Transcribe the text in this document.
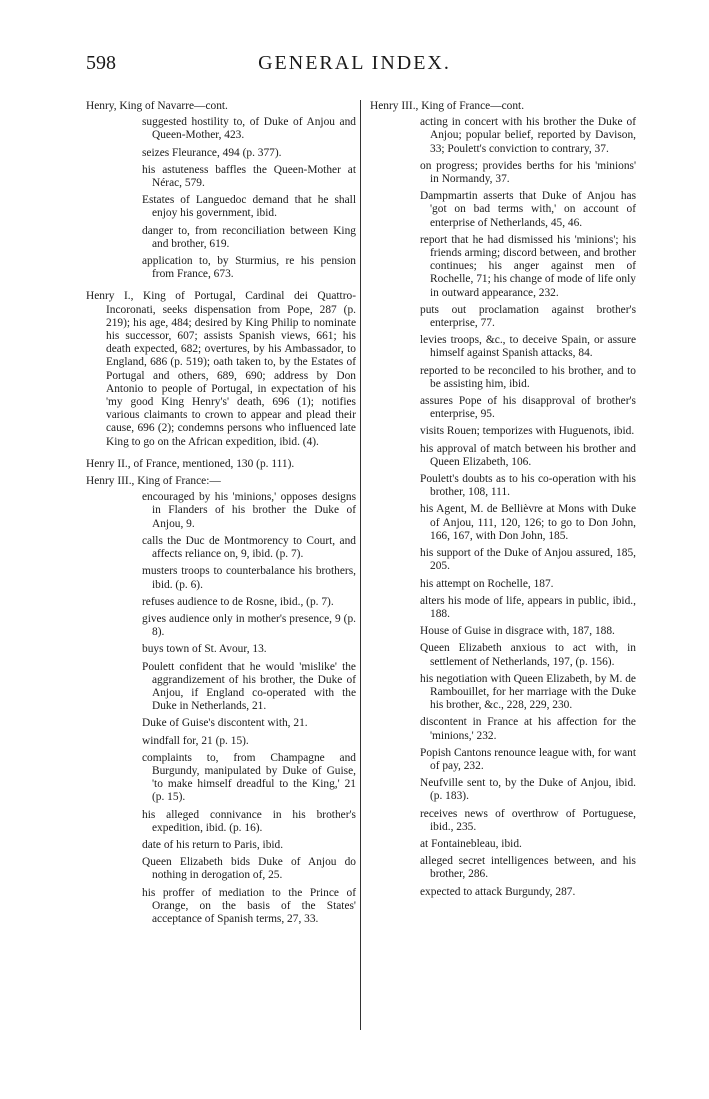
598	GENERAL INDEX.
Henry, King of Navarre—cont.
suggested hostility to, of Duke of Anjou and Queen-Mother, 423.
seizes Fleurance, 494 (p. 377).
his astuteness baffles the Queen-Mother at Nérac, 579.
Estates of Languedoc demand that he shall enjoy his government, ibid.
danger to, from reconciliation between King and brother, 619.
application to, by Sturmius, re his pension from France, 673.
Henry I., King of Portugal, Cardinal dei Quattro-Incoronati, seeks dispensation from Pope, 287 (p. 219); his age, 484; desired by King Philip to nominate his successor, 607; assists Spanish views, 661; his death expected, 682; overtures, by his Ambassador, to England, 686 (p. 519); oath taken to, by the Estates of Portugal and others, 689, 690; address by Don Antonio to people of Portugal, in expectation of his 'my good King Henry's' death, 696 (1); notifies various claimants to crown to appear and plead their cause, 696 (2); condemns persons who influenced late King to go on the African expedition, ibid. (4).
Henry II., of France, mentioned, 130 (p. 111).
Henry III., King of France:—
encouraged by his 'minions,' opposes designs in Flanders of his brother the Duke of Anjou, 9.
calls the Duc de Montmorency to Court, and affects reliance on, 9, ibid. (p. 7).
musters troops to counterbalance his brothers, ibid. (p. 6).
refuses audience to de Rosne, ibid., (p. 7).
gives audience only in mother's presence, 9 (p. 8).
buys town of St. Avour, 13.
Poulett confident that he would 'mislike' the aggrandizement of his brother, the Duke of Anjou, if England co-operated with the Duke in Netherlands, 21.
Duke of Guise's discontent with, 21.
windfall for, 21 (p. 15).
complaints to, from Champagne and Burgundy, manipulated by Duke of Guise, 'to make himself dreadful to the King,' 21 (p. 15).
his alleged connivance in his brother's expedition, ibid. (p. 16).
date of his return to Paris, ibid.
Queen Elizabeth bids Duke of Anjou do nothing in derogation of, 25.
his proffer of mediation to the Prince of Orange, on the basis of the States' acceptance of Spanish terms, 27, 33.
Henry III., King of France—cont.
acting in concert with his brother the Duke of Anjou; popular belief, reported by Davison, 33; Poulett's conviction to contrary, 37.
on progress; provides berths for his 'minions' in Normandy, 37.
Dampmartin asserts that Duke of Anjou has 'got on bad terms with,' on account of enterprise of Netherlands, 45, 46.
report that he had dismissed his 'minions'; his friends arming; discord between, and brother continues; his anger against men of Rochelle, 71; his change of mode of life only in outward appearance, 232.
puts out proclamation against brother's enterprise, 77.
levies troops, &c., to deceive Spain, or assure himself against Spanish attacks, 84.
reported to be reconciled to his brother, and to be assisting him, ibid.
assures Pope of his disapproval of brother's enterprise, 95.
visits Rouen; temporizes with Huguenots, ibid.
his approval of match between his brother and Queen Elizabeth, 106.
Poulett's doubts as to his co-operation with his brother, 108, 111.
his Agent, M. de Bellièvre at Mons with Duke of Anjou, 111, 120, 126; to go to Don John, 166, 167, with Don John, 185.
his support of the Duke of Anjou assured, 185, 205.
his attempt on Rochelle, 187.
alters his mode of life, appears in public, ibid., 188.
House of Guise in disgrace with, 187, 188.
Queen Elizabeth anxious to act with, in settlement of Netherlands, 197, (p. 156).
his negotiation with Queen Elizabeth, by M. de Rambouillet, for her marriage with the Duke his brother, &c., 228, 229, 230.
discontent in France at his affection for the 'minions,' 232.
Popish Cantons renounce league with, for want of pay, 232.
Neufville sent to, by the Duke of Anjou, ibid. (p. 183).
receives news of overthrow of Portuguese, ibid., 235.
at Fontainebleau, ibid.
alleged secret intelligences between, and his brother, 286.
expected to attack Burgundy, 287.
